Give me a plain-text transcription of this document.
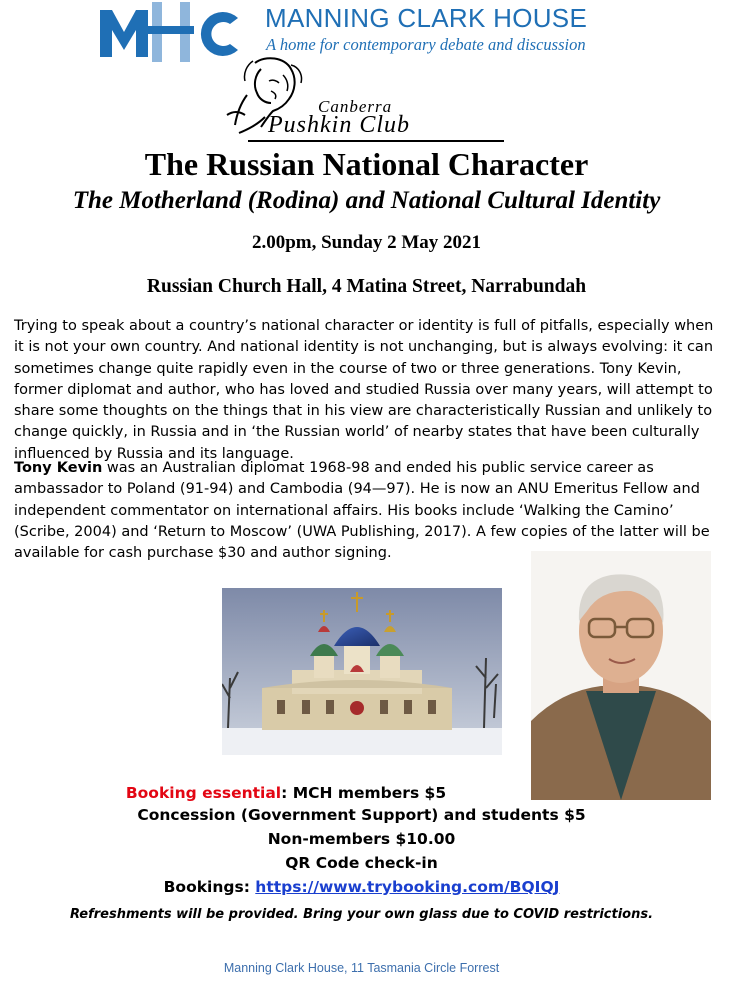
MANNING CLARK HOUSE
A home for contemporary debate and discussion
Canberra
Pushkin Club
The Russian National Character
The Motherland (Rodina) and National Cultural Identity
2.00pm, Sunday 2 May 2021
Russian Church Hall, 4 Matina Street, Narrabundah
Trying to speak about a country’s national character or identity is full of pitfalls, especially when it is not your own country. And national identity is not unchanging, but is always evolving: it can sometimes change quite rapidly even in the course of two or three generations. Tony Kevin, former diplomat and author, who has loved and studied Russia over many years, will attempt to share some thoughts on the things that in his view are characteristically Russian and unlikely to change quickly, in Russia and in ‘the Russian world’ of nearby states that have been culturally influenced by Russia and its language.
Tony Kevin was an Australian diplomat 1968-98 and ended his public service career as ambassador to Poland (91-94) and Cambodia (94—97). He is now an ANU Emeritus Fellow and independent commentator on international affairs. His books include ‘Walking the Camino’ (Scribe, 2004) and ‘Return to Moscow’ (UWA Publishing, 2017). A few copies of the latter will be available for cash purchase $30 and author signing.
Booking essential: MCH members $5
Concession (Government Support) and students $5
Non-members $10.00
QR Code check-in
Bookings: https://www.trybooking.com/BQIQJ
Refreshments will be provided. Bring your own glass due to COVID restrictions.
Manning Clark House, 11 Tasmania Circle Forrest
